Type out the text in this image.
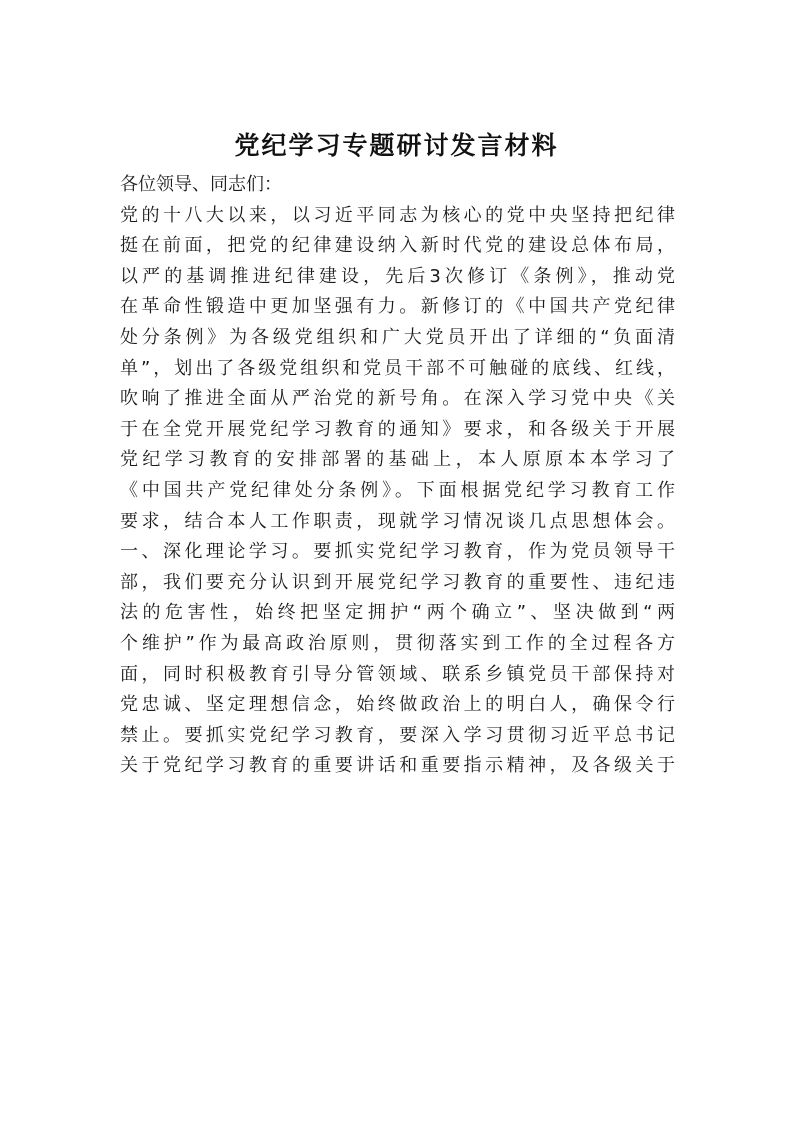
党纪学习专题研讨发言材料

各位领导、同志们：

党的十八大以来，以习近平同志为核心的党中央坚持把纪律

挺在前面，把党的纪律建设纳入新时代党的建设总体布局，

以严的基调推进纪律建设，先后3次修订《条例》，推动党

在革命性锻造中更加坚强有力。新修订的《中国共产党纪律

处分条例》为各级党组织和广大党员开出了详细的“负面清

单”，划出了各级党组织和党员干部不可触碰的底线、红线，

吹响了推进全面从严治党的新号角。在深入学习党中央《关

于在全党开展党纪学习教育的通知》要求，和各级关于开展

党纪学习教育的安排部署的基础上，本人原原本本学习了

《中国共产党纪律处分条例》。下面根据党纪学习教育工作

要求，结合本人工作职责，现就学习情况谈几点思想体会。

一、深化理论学习。要抓实党纪学习教育，作为党员领导干

部，我们要充分认识到开展党纪学习教育的重要性、违纪违

法的危害性，始终把坚定拥护“两个确立”、坚决做到“两

个维护”作为最高政治原则，贯彻落实到工作的全过程各方

面，同时积极教育引导分管领域、联系乡镇党员干部保持对

党忠诚、坚定理想信念，始终做政治上的明白人，确保令行

禁止。要抓实党纪学习教育，要深入学习贯彻习近平总书记

关于党纪学习教育的重要讲话和重要指示精神，及各级关于
